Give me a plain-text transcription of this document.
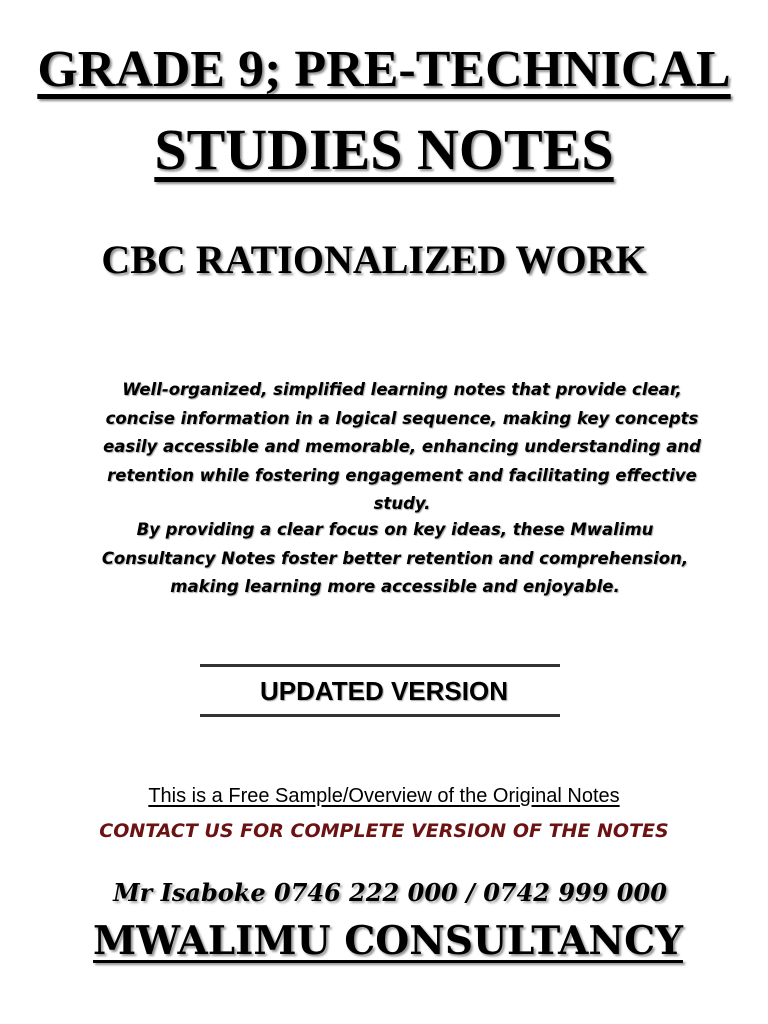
GRADE 9; PRE-TECHNICAL
STUDIES NOTES
CBC RATIONALIZED WORK
Well-organized, simplified learning notes that provide clear, concise information in a logical sequence, making key concepts easily accessible and memorable, enhancing understanding and retention while fostering engagement and facilitating effective study.
By providing a clear focus on key ideas, these Mwalimu Consultancy Notes foster better retention and comprehension, making learning more accessible and enjoyable.
UPDATED VERSION
This is a Free Sample/Overview of the Original Notes
CONTACT US FOR COMPLETE VERSION OF THE NOTES
Mr Isaboke 0746 222 000 / 0742 999 000
MWALIMU CONSULTANCY
